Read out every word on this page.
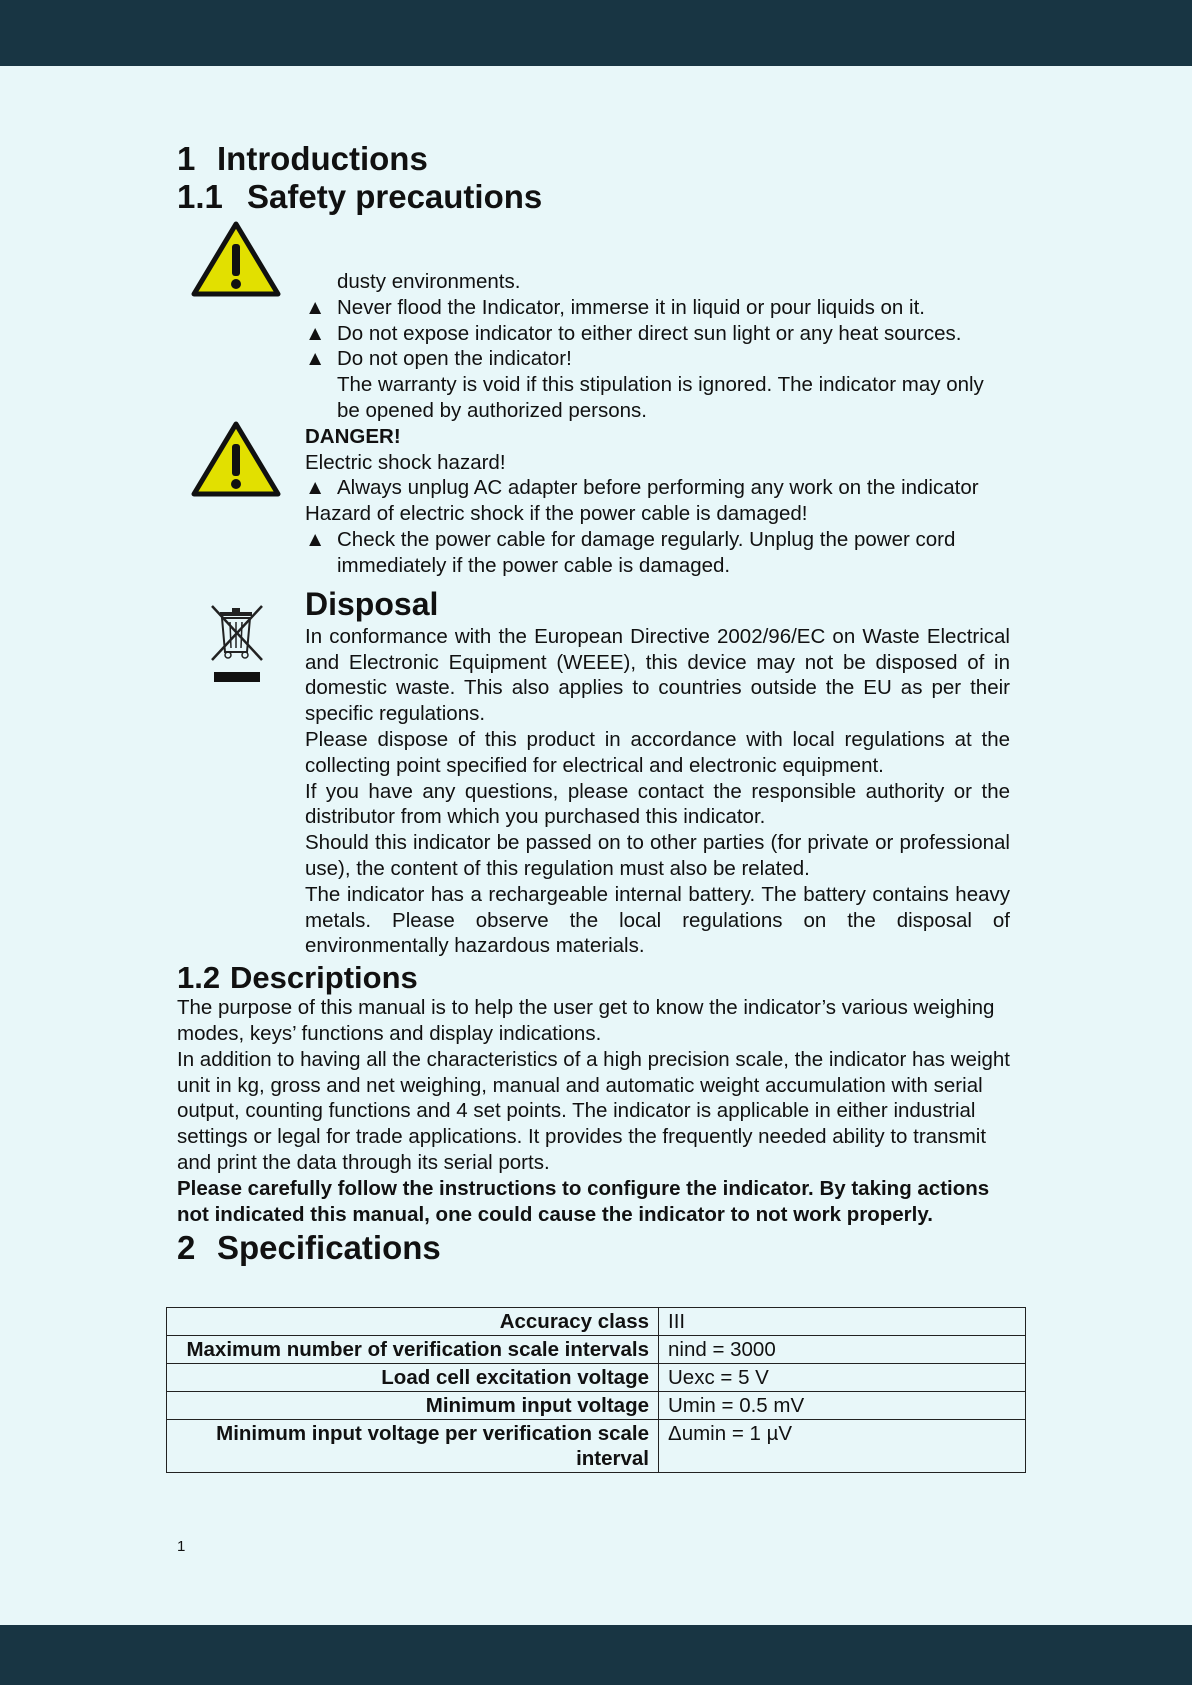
1 Introductions
1.1 Safety precautions
dusty environments.
▲ Never flood the Indicator, immerse it in liquid or pour liquids on it.
▲ Do not expose indicator to either direct sun light or any heat sources.
▲ Do not open the indicator!
The warranty is void if this stipulation is ignored. The indicator may only be opened by authorized persons.
DANGER!
Electric shock hazard!
▲ Always unplug AC adapter before performing any work on the indicator
Hazard of electric shock if the power cable is damaged!
▲ Check the power cable for damage regularly. Unplug the power cord immediately if the power cable is damaged.
Disposal
In conformance with the European Directive 2002/96/EC on Waste Electrical and Electronic Equipment (WEEE), this device may not be disposed of in domestic waste. This also applies to countries outside the EU as per their specific regulations.
Please dispose of this product in accordance with local regulations at the collecting point specified for electrical and electronic equipment.
If you have any questions, please contact the responsible authority or the distributor from which you purchased this indicator.
Should this indicator be passed on to other parties (for private or professional use), the content of this regulation must also be related.
The indicator has a rechargeable internal battery. The battery contains heavy metals. Please observe the local regulations on the disposal of environmentally hazardous materials.
1.2 Descriptions
The purpose of this manual is to help the user get to know the indicator’s various weighing modes, keys’ functions and display indications.
In addition to having all the characteristics of a high precision scale, the indicator has weight unit in kg, gross and net weighing, manual and automatic weight accumulation with serial output, counting functions and 4 set points. The indicator is applicable in either industrial settings or legal for trade applications. It provides the frequently needed ability to transmit and print the data through its serial ports.
Please carefully follow the instructions to configure the indicator. By taking actions not indicated this manual, one could cause the indicator to not work properly.
2 Specifications
Accuracy class	III
Maximum number of verification scale intervals	nind = 3000
Load cell excitation voltage	Uexc = 5 V
Minimum input voltage	Umin = 0.5 mV
Minimum input voltage per verification scale interval	Δumin = 1 µV
1
